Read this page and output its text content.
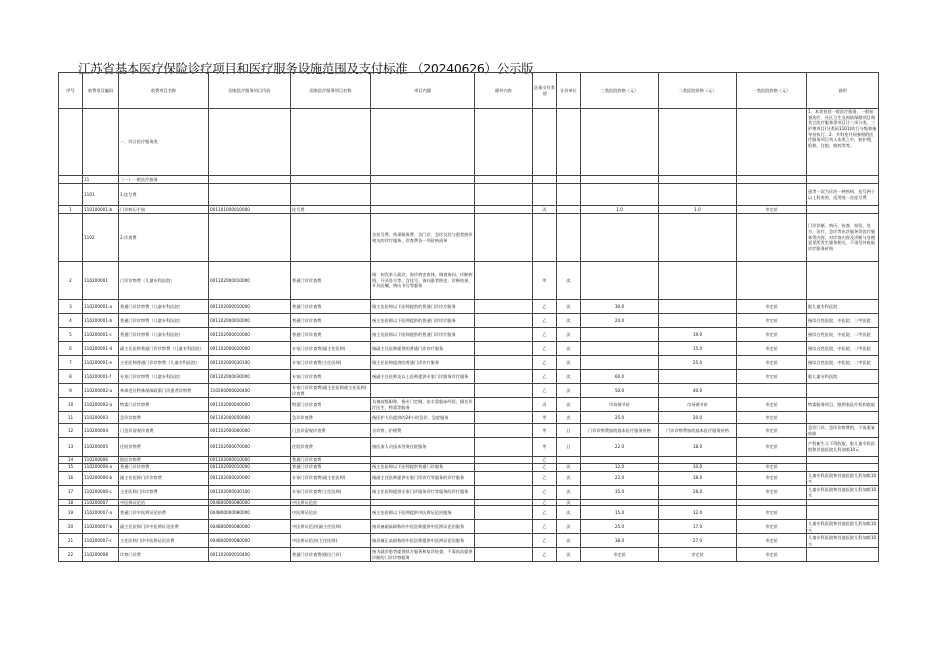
江苏省基本医疗保险诊疗项目和医疗服务设施范围及支付标准 （20240626）公示版
序号	收费项目编码	收费项目名称	国家医疗服务项目代码	国家医疗服务项目名称	项目内涵	除外内容	医保支付类别	计价单位	三类医院价格（元）	二类医院价格（元）	一类医院价格（元）	说明
		一、综合医疗服务类										1．本类包括一般医疗服务、一般检查治疗、社区卫生及预防保健项目和其它医疗服务等项目计三项分类，三护理项目(分类码1101)收行分级和指导价执行。2．多科室共同参照的医疗服务项目列入本类之中，如护理，抢救，注射，换药等等。
	11	（一）一般医疗服务										
	1101	1.挂号费										患者一次为诊治一种疾病，挂号两个以上科室的，适用统一次挂号费
1	110100001-b	门诊病历手册	001101000010000	挂号费			丙		1.0	1.0	市定价	
	1102	2.诊查费			含挂号费、药事服务费、含门诊、急诊及其与患者接诊相关的诊疗服务，诊查费各一项价格清单							门诊诊断、病历、检查、检验、处方、治疗、急诊等出诊服务等医疗服务等内容，对诊查内容及诊断与处理意见所发生服务相关，不再另外收取诊疗服务价格
2	110200001	门诊诊察费（儿童专科医院）	001102000010000	普通门诊诊查费	指：初次来人就诊，询诊病史查体，调查询问，诊断病情，开具处方等。含挂号，询问患者病史，诊断结果，开具医嘱，病历书写等服务		甲	次				
3	110200001-a	普通门诊诊察费（儿童专科医院）	001102000010000	普通门诊诊查费	指主治医师以下医师提供的普通门诊诊疗服务		乙	次	30.0		市定价	限儿童专科医院
4	110200001-b	普通门诊诊察费（儿童专科医院）	001102000010000	普通门诊诊查费	指主治医师以下医师提供的普通门诊诊疗服务		乙	次	24.0		市定价	指综合性医院、中医院、三甲医院
5	110200001-c	普通门诊诊察费（儿童专科医院）	001102000010000	普通门诊诊查费	指主治医师以下医师提供的普通门诊诊疗服务		乙	次		19.0	市定价	指综合性医院、中医院、二甲医院
6	110200001-d	副主任医师普通门诊诊察费（儿童专科医院）	001102000020000	专家门诊诊查费(副主任医师)	指副主任医师提供的普通门诊诊疗服务		乙	次		15.0	市定价	指综合性医院、中医院、二甲医院
7	110200001-e	主任医师普通门诊诊察费（儿童专科医院）	001102000030100	专家门诊诊查费(主任医师)	指主任医师提供的普通门诊诊疗服务		乙	次		25.0	市定价	指综合性医院、中医院、二甲医院
8	110200001-f	专家门诊诊察费（儿童专科医院）	001102000030000	专家门诊诊查费	指副主任医师及以上医师提供专家门诊服务诊疗服务		乙	次	60.0		市定价	限儿童专科医院
9	110200002-a	革命老区特殊保障政策门诊患者诊察费	110200000020400	专家门诊诊查费(副主任医师或主任医师)诊查费			乙	次	50.0	40.0		
10	110200002-a	特需门诊诊察费	001102000040000	特需门诊诊查费	具备高级职称，指专门定制，由丰富临床经验，擅长诊疗医生，特需等服务		丙	次	市场调节价	市场调节价	市定价	特需服务项目，限两家医疗机构收取
11	110200003	急诊诊察费	001102000050000	急诊诊查费	指医护人员提供的24小时急诊，急症服务		甲	次	25.0	20.0	市定价	
12	110200004	门急诊留观诊查费	001102000060000	门急诊留观诊查费	含诊察、护理费		甲	日	门诊诊察费加收基本医疗服务价格	门诊诊察费加收基本医疗服务价格	市定价	急诊门诊，急诊诊察费的，不再重复收取
13	110200005	住院诊察费	001102000070000	住院诊查费	指医务人员技术劳务住院服务		甲	日	22.0	18.0	市定价	产科新生儿不得收取，限儿童专科医院和其他医院儿科加收10元
14	110200006	院医诊察费	001102000010000	普通门诊诊查费			乙					
15	110200006-a	普通门诊诊察费	001102000010000	普通门诊诊查费	指主治医师以下医师提供普通门诊服务		乙	次	12.0	10.0	市定价	
16	110200006-b	副主任医师门诊诊察费	001102000020000	专家门诊诊查费(副主任医师)	指副主任医师提供专家门诊诊疗等服务的诊疗服务		乙	次	22.0	18.0	市定价	儿童专科医院和其他医院儿科加收10元
17	110200006-c	主任医师门诊诊察费	001102000030100	专家门诊诊查费(主任医师)	指主任医师提供专家门诊服务诊疗等服务的诊疗服务		乙	次	35.0	28.0	市定价	儿童专科医院和其他医院儿科加收10元
18	110200007	中医辨证论治	004800000080000	中医辨证论治			乙	次				
19	110200007-a	普通门诊中医辨证论治费	004800000080000	中医辨证论治	指主治医师以下医师提供中医辨证论治服务		乙	次	15.0	12.0	市定价	
20	110200007-b	副主任医师门诊中医辨证论治费	004800000080000	中医辨证论治(副主任医师)	指具备副高职称的中医医师提供中医辨证论治服务		乙	次	25.0	17.0	市定价	儿童专科医院和其他医院儿科加收10元
21	110200007-c	主任医师门诊中医辨证论治费	004800000080000	中医辨证论治(主任医师)	指具备正高职称的中医医师提供中医辨证论治服务		乙	次	38.0	27.0	市定价	儿童专科医院和其他医院儿科加收10元
22	110200008	诊察门诊费	001102000010400	普通门诊诊查费(便民门诊)	指为就诊患者提供续方服务和复诊检查，不需再次提供诊断的门诊诊察服务		乙	次	市定价	市定价	市定价	
